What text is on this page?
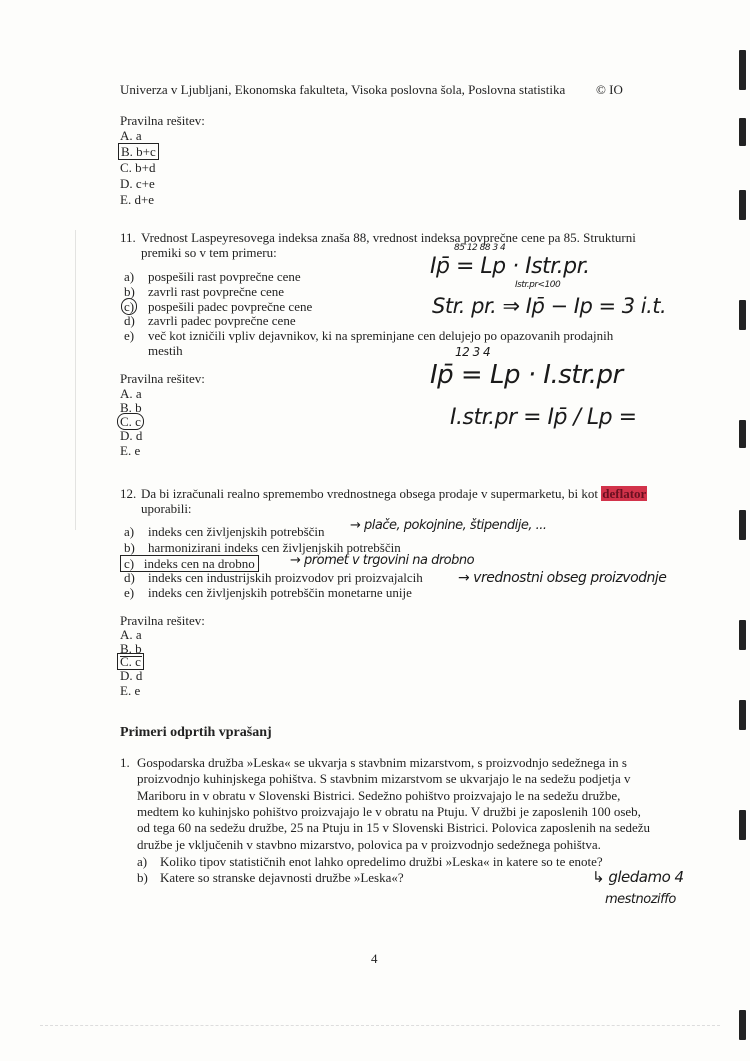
Univerza v Ljubljani, Ekonomska fakulteta, Visoka poslovna šola, Poslovna statistika © IO
Pravilna rešitev:
A. a
B. b+c
C. b+d
D. c+e
E. d+e
11. Vrednost Laspeyresovega indeksa znaša 88, vrednost indeksa povprečne cene pa 85. Strukturni
premiki so v tem primeru:
a) pospešili rast povprečne cene
b) zavrli rast povprečne cene
c) pospešili padec povprečne cene
d) zavrli padec povprečne cene
e) več kot izničili vpliv dejavnikov, ki na spreminjane cen delujejo po opazovanih prodajnih
mestih
Pravilna rešitev:
A. a
B. b
C. c
D. d
E. e
85 12 88 3 4
Ip̄ = Lp · Istr.pr.
Istr.pr<100
Str. pr. ⇒ Ip̄ − Ip = 3 i.t.
12 3 4
Ip̄ = Lp · I.str.pr
I.str.pr = Ip̄ / Lp =
12. Da bi izračunali realno spremembo vrednostnega obsega prodaje v supermarketu, bi kot deflator
uporabili:
a) indeks cen življenjskih potrebščin
b) harmonizirani indeks cen življenjskih potrebščin
c) indeks cen na drobno
d) indeks cen industrijskih proizvodov pri proizvajalcih
e) indeks cen življenjskih potrebščin monetarne unije
→ plače, pokojnine, štipendije, ...
→ promet v trgovini na drobno
→ vrednostni obseg proizvodnje
Pravilna rešitev:
A. a
B. b
C. c
D. d
E. e
Primeri odprtih vprašanj
1. Gospodarska družba »Leska« se ukvarja s stavbnim mizarstvom, s proizvodnjo sedežnega in s
proizvodnjo kuhinjskega pohištva. S stavbnim mizarstvom se ukvarjajo le na sedežu podjetja v
Mariboru in v obratu v Slovenski Bistrici. Sedežno pohištvo proizvajajo le na sedežu družbe,
medtem ko kuhinjsko pohištvo proizvajajo le v obratu na Ptuju. V družbi je zaposlenih 100 oseb,
od tega 60 na sedežu družbe, 25 na Ptuju in 15 v Slovenski Bistrici. Polovica zaposlenih na sedežu
družbe je vključenih v stavbno mizarstvo, polovica pa v proizvodnjo sedežnega pohištva.
a) Koliko tipov statističnih enot lahko opredelimo družbi »Leska« in katere so te enote?
b) Katere so stranske dejavnosti družbe »Leska«?	↳ gledamo 4
mestnoziffo
4
